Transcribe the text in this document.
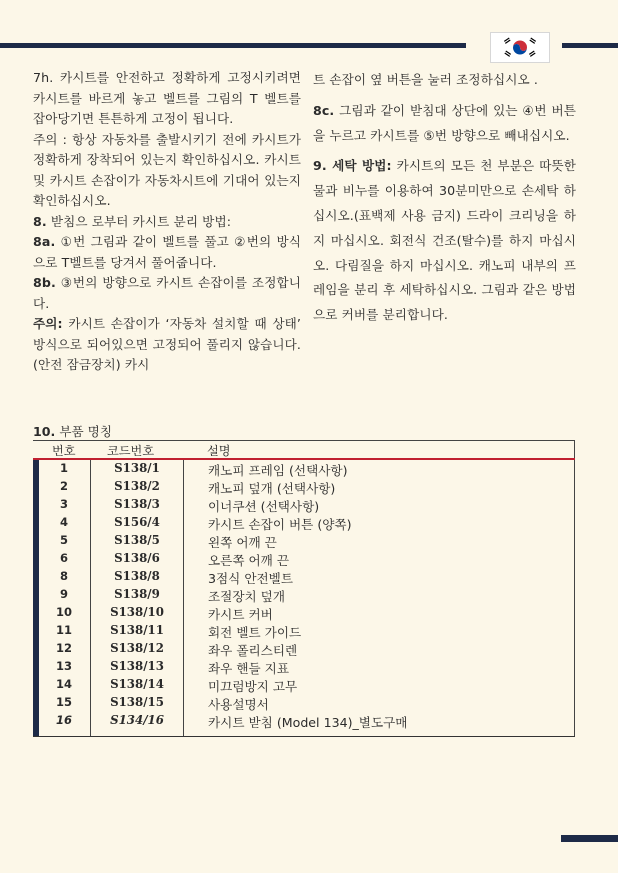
7h. 카시트를 안전하고 정확하게 고정시키려면 카시트를 바르게 놓고 벨트를 그림의 T 벨트를 잡아당기면 튼튼하게 고정이 됩니다.

주의 : 항상 자동차를 출발시키기 전에 카시트가 정확하게 장착되어 있는지 확인하십시오. 카시트 및 카시트 손잡이가 자동차시트에 기대어 있는지 확인하십시오.

8. 받침으 로부터 카시트 분리 방법:

8a. ①번 그림과 같이 벨트를 풀고 ②번의 방식으로 T벨트를 당겨서 풀어줍니다.

8b. ③번의 방향으로 카시트 손잡이를 조정합니다.

주의: 카시트 손잡이가 ‘자동차 설치할 때 상태’ 방식으로 되어있으면 고정되어 풀리지 않습니다. (안전 잠금장치) 카시

트 손잡이 옆 버튼을 눌러 조정하십시오 .

8c. 그림과 같이 받침대 상단에 있는 ④번 버튼을 누르고 카시트를 ⑤번 방향으로 빼내십시오.

9. 세탁 방법: 카시트의 모든 천 부분은 따뜻한 물과 비누를 이용하여 30분미만으로 손세탁 하십시오.(표백제 사용 금지) 드라이 크리닝을 하지 마십시오. 회전식 건조(탈수)를 하지 마십시오. 다림질을 하지 마십시오. 캐노피 내부의 프레임을 분리 후 세탁하십시오. 그림과 같은 방법으로 커버를 분리합니다.

10. 부품 명칭
번호	코드번호	설명
1	S138/1	캐노피 프레임 (선택사항)
2	S138/2	캐노피 덮개 (선택사항)
3	S138/3	이너쿠션 (선택사항)
4	S156/4	카시트 손잡이 버튼 (양쪽)
5	S138/5	왼쪽 어깨 끈
6	S138/6	오른쪽 어깨 끈
8	S138/8	3점식 안전벨트
9	S138/9	조절장치 덮개
10	S138/10	카시트 커버
11	S138/11	회전 벨트 가이드
12	S138/12	좌우 폴리스티렌
13	S138/13	좌우 핸들 지표
14	S138/14	미끄럼방지 고무
15	S138/15	사용설명서
16	S134/16	카시트 받침 (Model 134)_별도구매
